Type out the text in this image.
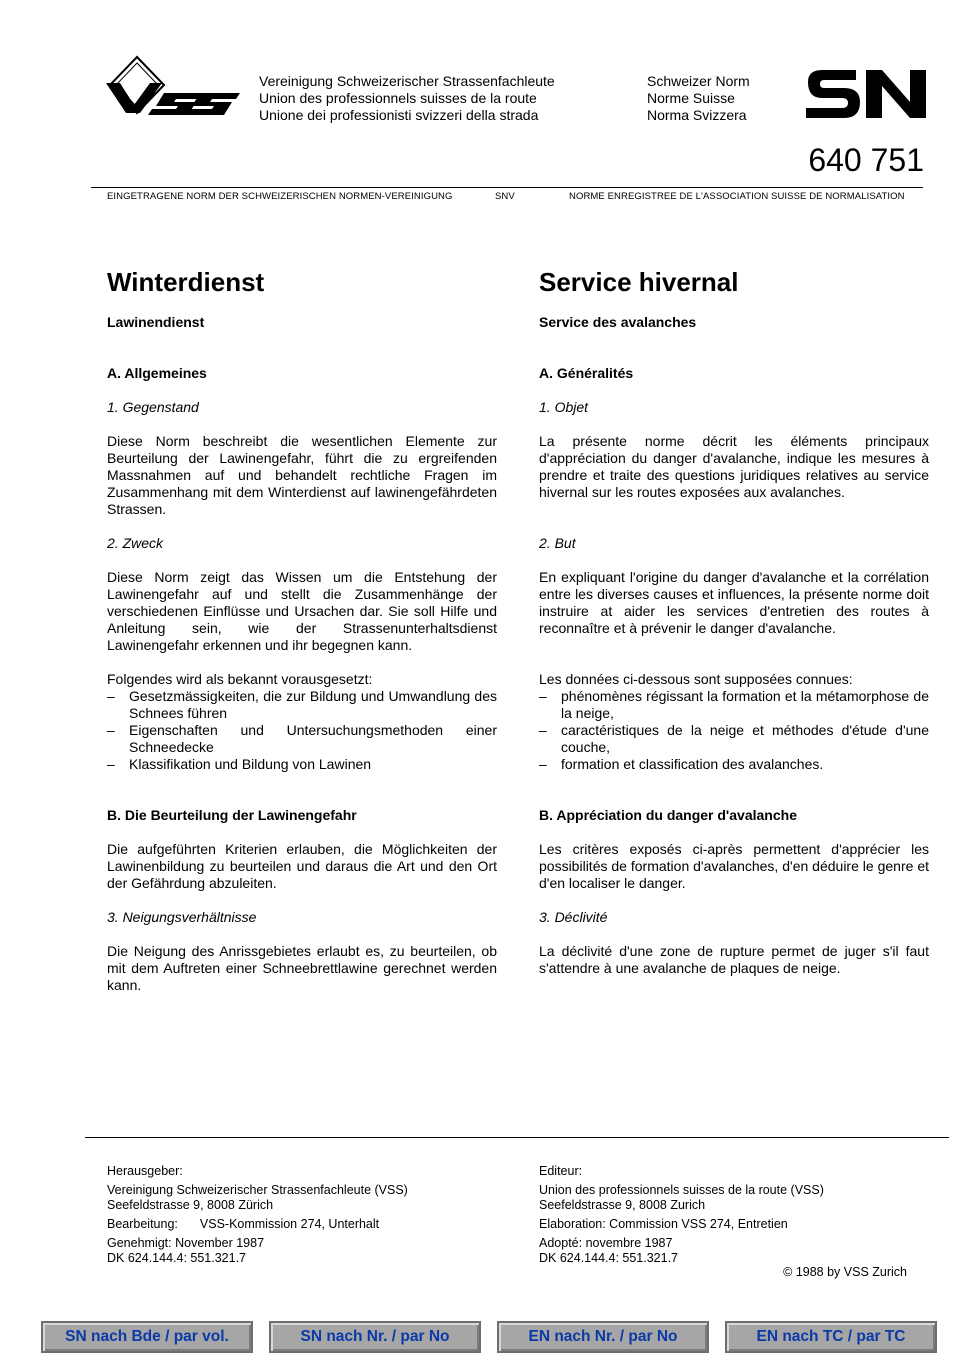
Vereinigung Schweizerischer Strassenfachleute
Union des professionnels suisses de la route
Unione dei professionisti svizzeri della strada
Schweizer Norm
Norme Suisse
Norma Svizzera
640 751
EINGETRAGENE NORM DER SCHWEIZERISCHEN NORMEN-VEREINIGUNG	SNV	NORME ENREGISTREE DE L'ASSOCIATION SUISSE DE NORMALISATION
Winterdienst
Lawinendienst
A. Allgemeines
1. Gegenstand

Diese Norm beschreibt die wesentlichen Elemente zur Beurteilung der Lawinengefahr, führt die zu ergreifenden Massnahmen auf und behandelt rechtliche Fragen im Zusammenhang mit dem Winterdienst auf lawinengefährdeten Strassen.

2. Zweck

Diese Norm zeigt das Wissen um die Entstehung der Lawinengefahr auf und stellt die Zusammenhänge der verschiedenen Einflüsse und Ursachen dar. Sie soll Hilfe und Anleitung sein, wie der Strassenunterhaltsdienst Lawinengefahr erkennen und ihr begegnen kann.

Folgendes wird als bekannt vorausgesetzt:

– Gesetzmässigkeiten, die zur Bildung und Umwandlung des Schnees führen
– Eigenschaften und Untersuchungsmethoden einer Schneedecke
– Klassifikation und Bildung von Lawinen
B. Die Beurteilung der Lawinengefahr

Die aufgeführten Kriterien erlauben, die Möglichkeiten der Lawinenbildung zu beurteilen und daraus die Art und den Ort der Gefährdung abzuleiten.

3. Neigungsverhältnisse

Die Neigung des Anrissgebietes erlaubt es, zu beurteilen, ob mit dem Auftreten einer Schneebrettlawine gerechnet werden kann.

Service hivernal
Service des avalanches
A. Généralités
1. Objet

La présente norme décrit les éléments principaux d'appréciation du danger d'avalanche, indique les mesures à prendre et traite des questions juridiques relatives au service hivernal sur les routes exposées aux avalanches.

2. But

En expliquant l'origine du danger d'avalanche et la corrélation entre les diverses causes et influences, la présente norme doit instruire at aider les services d'entretien des routes à reconnaître et à prévenir le danger d'avalanche.

Les données ci-dessous sont supposées connues:

– phénomènes régissant la formation et la métamorphose de la neige,
– caractéristiques de la neige et méthodes d'étude d'une couche,
– formation et classification des avalanches.
B. Appréciation du danger d'avalanche

Les critères exposés ci-après permettent d'apprécier les possibilités de formation d'avalanches, d'en déduire le genre et d'en localiser le danger.

3. Déclivité

La déclivité d'une zone de rupture permet de juger s'il faut s'attendre à une avalanche de plaques de neige.

Herausgeber:

Vereinigung Schweizerischer Strassenfachleute (VSS)

Seefeldstrasse 9, 8008 Zürich

Bearbeitung: VSS-Kommission 274, Unterhalt

Genehmigt: November 1987

DK 624.144.4: 551.321.7

Editeur:

Union des professionnels suisses de la route (VSS)

Seefeldstrasse 9, 8008 Zurich

Elaboration: Commission VSS 274, Entretien

Adopté: novembre 1987

DK 624.144.4: 551.321.7

© 1988 by VSS Zurich

SN nach Bde / par vol.	SN nach Nr. / par No	EN nach Nr. / par No	EN nach TC / par TC
